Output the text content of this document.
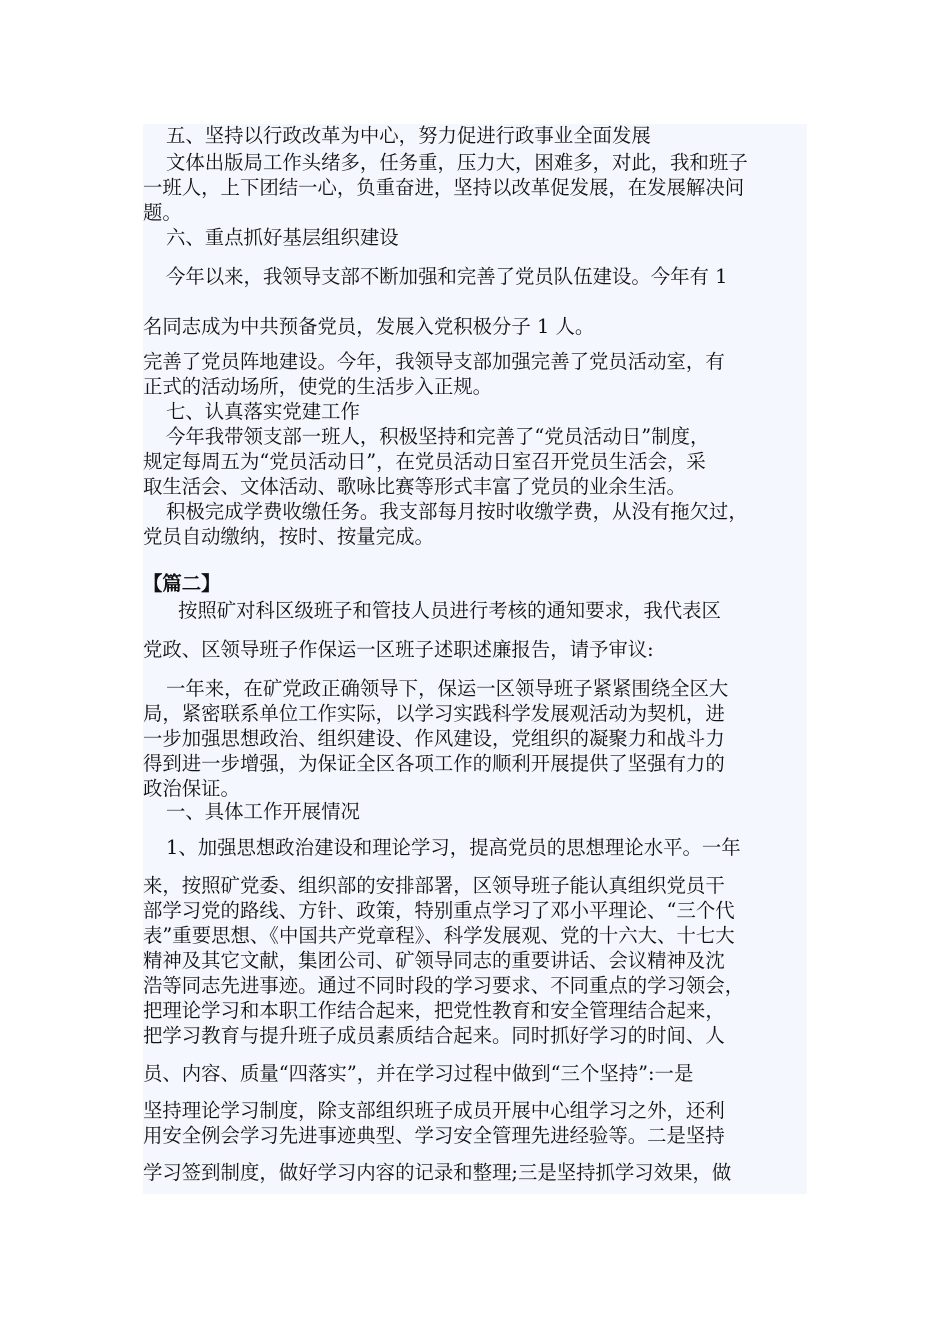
五、坚持以行政改革为中心，努力促进行政事业全面发展
文体出版局工作头绪多，任务重，压力大，困难多，对此，我和班子
一班人，上下团结一心，负重奋进，坚持以改革促发展，在发展解决问
题。
六、重点抓好基层组织建设
今年以来，我领导支部不断加强和完善了党员队伍建设。今年有 1
名同志成为中共预备党员，发展入党积极分子 1 人。
完善了党员阵地建设。今年，我领导支部加强完善了党员活动室，有
正式的活动场所，使党的生活步入正规。
七、认真落实党建工作
今年我带领支部一班人，积极坚持和完善了“党员活动日”制度，
规定每周五为“党员活动日”，在党员活动日室召开党员生活会，采
取生活会、文体活动、歌咏比赛等形式丰富了党员的业余生活。
积极完成学费收缴任务。我支部每月按时收缴学费，从没有拖欠过，
党员自动缴纳，按时、按量完成。
【篇二】
按照矿对科区级班子和管技人员进行考核的通知要求，我代表区
党政、区领导班子作保运一区班子述职述廉报告，请予审议:
一年来，在矿党政正确领导下，保运一区领导班子紧紧围绕全区大
局，紧密联系单位工作实际，以学习实践科学发展观活动为契机，进
一步加强思想政治、组织建设、作风建设，党组织的凝聚力和战斗力
得到进一步增强，为保证全区各项工作的顺利开展提供了坚强有力的
政治保证。
一、具体工作开展情况
1、加强思想政治建设和理论学习，提高党员的思想理论水平。一年
来，按照矿党委、组织部的安排部署，区领导班子能认真组织党员干
部学习党的路线、方针、政策，特别重点学习了邓小平理论、“三个代
表”重要思想、《中国共产党章程》、科学发展观、党的十六大、十七大
精神及其它文献，集团公司、矿领导同志的重要讲话、会议精神及沈
浩等同志先进事迹。通过不同时段的学习要求、不同重点的学习领会，
把理论学习和本职工作结合起来，把党性教育和安全管理结合起来，
把学习教育与提升班子成员素质结合起来。同时抓好学习的时间、人
员、内容、质量“四落实”，并在学习过程中做到“三个坚持”:一是
坚持理论学习制度，除支部组织班子成员开展中心组学习之外，还利
用安全例会学习先进事迹典型、学习安全管理先进经验等。二是坚持
学习签到制度，做好学习内容的记录和整理;三是坚持抓学习效果，做
